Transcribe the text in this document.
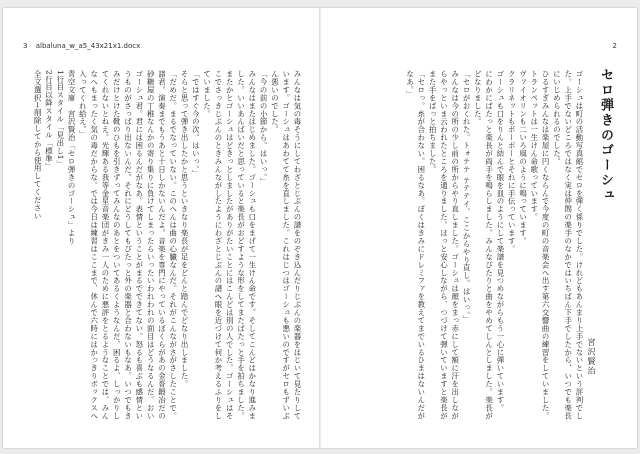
3 albaluna_w_a5_43x21x1.docx

みんなは気の毒そうにしてわざとじぶんの譜をのぞき込んだりじぶんの楽器をはじいて見たりしています。ゴーシュはあわてて糸を直しました。これはじつはゴーシュも悪いのですがセロもずいぶん悪いのでした。

「今の前の小節から。はいっ。」

みんなはまたはじめました。ゴーシュも口をまげて一生けん命です。そしてこんどはかなり進みました。いいあんばいだと思っていると楽長がおどすような形をしてまたぱたっと手を拍ちました。またかとゴーシュはどきっとしましたがありがたいことにはこんどは別の人でした。ゴーシュはそこでさっきじぶんのときみんながしたようにわざとじぶんの譜へ眼を近づけて何か考えるふりをしていました。

「ではすぐ今の次。はいっ。」

そらと思って弾き出したかと思うといきなり楽長が足をどんと踏んでどなり出しました。

「だめだ。まるでなっていない。このへんは曲の心臓なんだ。それがこんながさがさしたことで。諸君。演奏までもうあと十日しかないんだよ。音楽を専門にやっているぼくらがあの金沓鍛冶だの砂糖屋の丁稚なんかの寄り集りに負けてしまったらいったいわれわれの面目はどうなるんだ。おいゴーシュ君。君には困るんだがなあ。表情ということがまるでできてない。怒るも喜ぶも感情というものがさっぱり出ないんだ。それにどうしてもぴたっと外の楽器と合わないもなあ。いつでもきみだけとけた靴のひもを引きずってみんなのあとをついてあるくようなんだ、困るよ、しっかりしてくれないとねえ。光輝ある我等金星音楽団がきみ一人のために悪評をとるようなことでは、みんなへもまったく気の毒だからな。では今日は練習はここまで、休んで六時にはかっきりボックスへ入ってくれ給え。」

青空文庫　宮沢賢治「セロ弾きのゴーシュ」より

1行目スタイル「見出し1」

2行目以降スタイル「標準」

全文選択→削除してから使用してください

2
セロ弾きのゴーシュ
宮沢賢治

ゴーシュは町の活動写真館でセロを弾く係りでした。けれどもあんまり上手でないという評判でした。上手でないどころではなく実は仲間の楽手のなかではいちばん下手でしたから、いつでも楽長にいじめられるのでした。

ひるすぎみんなは楽屋に円くならんで今度の町の音楽会へ出す第六交響曲の練習をしていました。

トランペットは一生けん命歌っています。

ヴァイオリンも二いろ風のように鳴っています。

クラリネットもボーボーとそれに手伝っています。

ゴーシュも口をりんと結んで眼を皿のようにして楽譜を見つめながらもう一心に弾いています。

にわかにぱたっと楽長が両手を鳴らしました。みんなぴたりと曲をやめてしんとしました。楽長がどなりました。

「セロがおくれた。トォテテ テテテイ、ここからやり直し。はいっ。」

みんなは今の所の少し前の所からやり直しました。ゴーシュは顔をまっ赤にして額に汗を出しながらやっといま云われたところを通りました。ほっと安心しながら、つづけて弾いていますと楽長がまた手をぱっと拍ちました。

「セロっ。糸が合わない。困るなあ。ぼくはきみにドレミファを教えてまでいるひまはないんだがなあ。」
